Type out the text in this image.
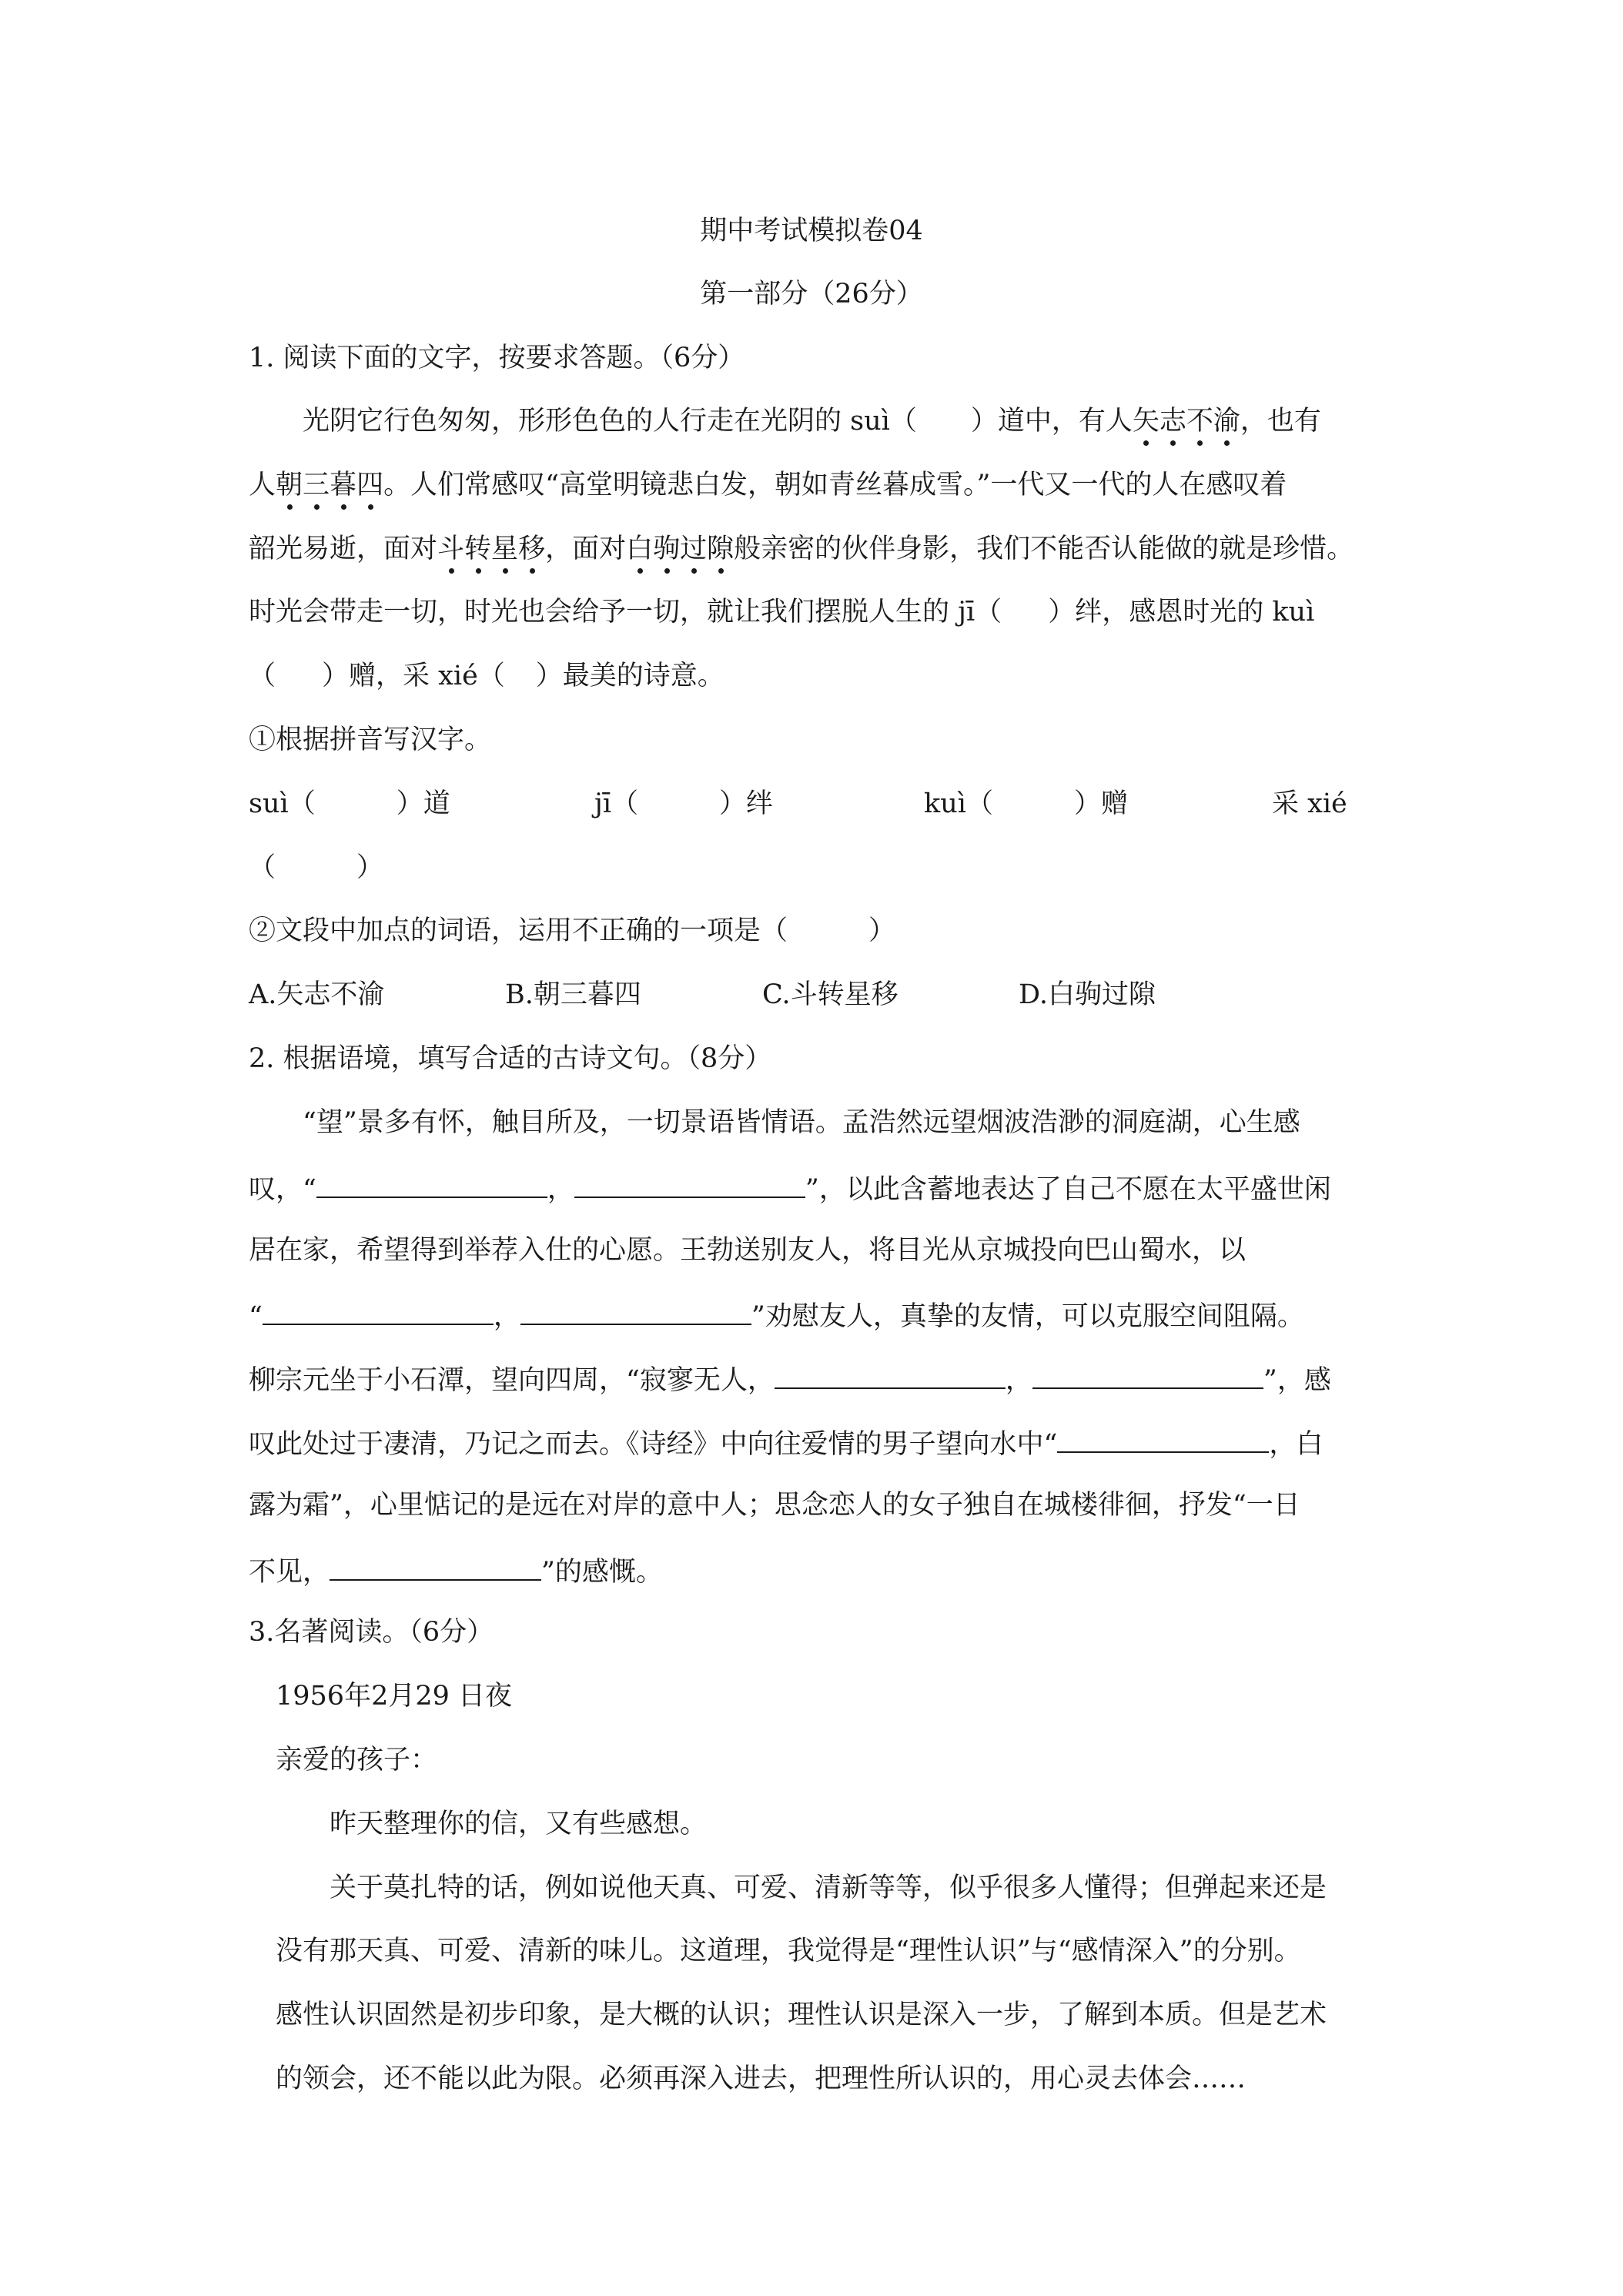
期中考试模拟卷04
第一部分（26分）
1. 阅读下面的文字，按要求答题。（6分）
光阴它行色匆匆，形形色色的人行走在光阴的 suì（ ）道中，有人矢志不渝，也有
人朝三暮四。人们常感叹“高堂明镜悲白发，朝如青丝暮成雪。”一代又一代的人在感叹着
韶光易逝，面对斗转星移，面对白驹过隙般亲密的伙伴身影，我们不能否认能做的就是珍惜。
时光会带走一切，时光也会给予一切，就让我们摆脱人生的 jī（ ）绊，感恩时光的 kuì
（ ）赠，采 xié（ ）最美的诗意。
①根据拼音写汉字。
suì（	）道	jī（	）绊	kuì（	）赠	采 xié
（	）
②文段中加点的词语，运用不正确的一项是（	）
A.矢志不渝	B.朝三暮四	C.斗转星移	D.白驹过隙
2. 根据语境，填写合适的古诗文句。（8分）
“望”景多有怀，触目所及，一切景语皆情语。孟浩然远望烟波浩渺的洞庭湖，心生感
叹，“	，	”，以此含蓄地表达了自己不愿在太平盛世闲
居在家，希望得到举荐入仕的心愿。王勃送别友人，将目光从京城投向巴山蜀水，以
“	，	”劝慰友人，真挚的友情，可以克服空间阻隔。
柳宗元坐于小石潭，望向四周，“寂寥无人，	，	”，感
叹此处过于凄清，乃记之而去。《诗经》中向往爱情的男子望向水中“	，白
露为霜”，心里惦记的是远在对岸的意中人；思念恋人的女子独自在城楼徘徊，抒发“一日
不见，	”的感慨。
3.名著阅读。（6分）
1956年2月29 日夜
亲爱的孩子：
昨天整理你的信，又有些感想。
关于莫扎特的话，例如说他天真、可爱、清新等等，似乎很多人懂得；但弹起来还是
没有那天真、可爱、清新的味儿。这道理，我觉得是“理性认识”与“感情深入”的分别。
感性认识固然是初步印象，是大概的认识；理性认识是深入一步，了解到本质。但是艺术
的领会，还不能以此为限。必须再深入进去，把理性所认识的，用心灵去体会……
